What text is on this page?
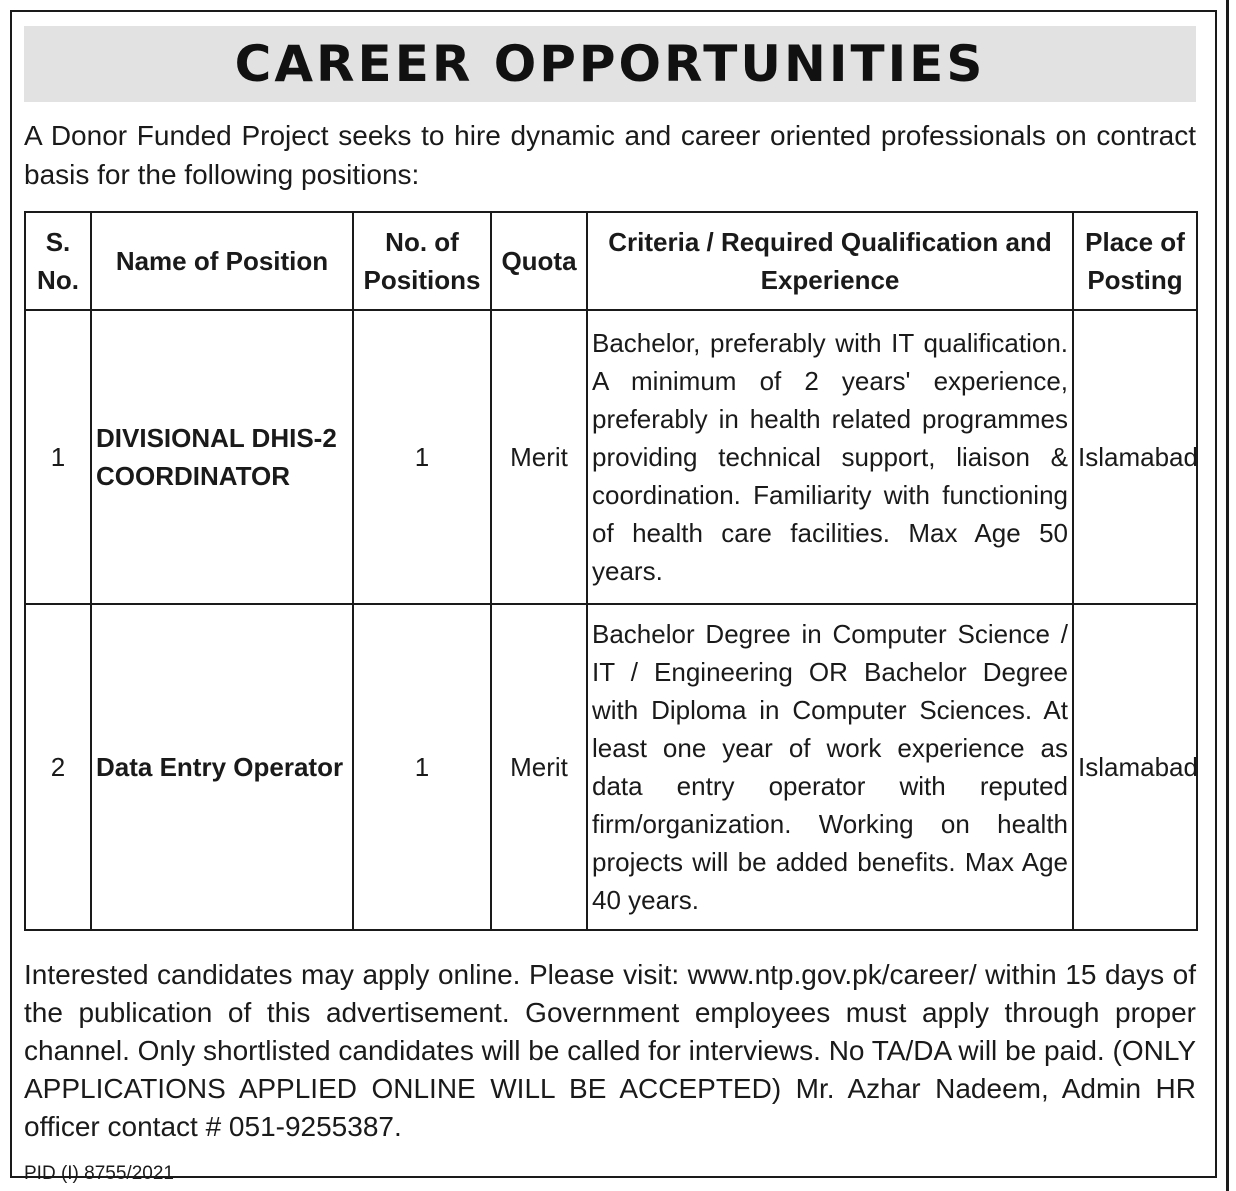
CAREER OPPORTUNITIES

A Donor Funded Project seeks to hire dynamic and career oriented professionals on contract basis for the following positions:

S. No.	Name of Position	No. of Positions	Quota	Criteria / Required Qualification and Experience	Place of Posting
1	DIVISIONAL DHIS-2 COORDINATOR	1	Merit	Bachelor, preferably with IT qualification. A minimum of 2 years' experience, preferably in health related programmes providing technical support, liaison & coordination. Familiarity with functioning of health care facilities. Max Age 50 years.	Islamabad
2	Data Entry Operator	1	Merit	Bachelor Degree in Computer Science / IT / Engineering OR Bachelor Degree with Diploma in Computer Sciences. At least one year of work experience as data entry operator with reputed firm/organization. Working on health projects will be added benefits. Max Age 40 years.	Islamabad

Interested candidates may apply online. Please visit: www.ntp.gov.pk/career/ within 15 days of the publication of this advertisement. Government employees must apply through proper channel. Only shortlisted candidates will be called for interviews. No TA/DA will be paid. (ONLY APPLICATIONS APPLIED ONLINE WILL BE ACCEPTED) Mr. Azhar Nadeem, Admin HR officer contact # 051-9255387.

PID (I) 8755/2021
